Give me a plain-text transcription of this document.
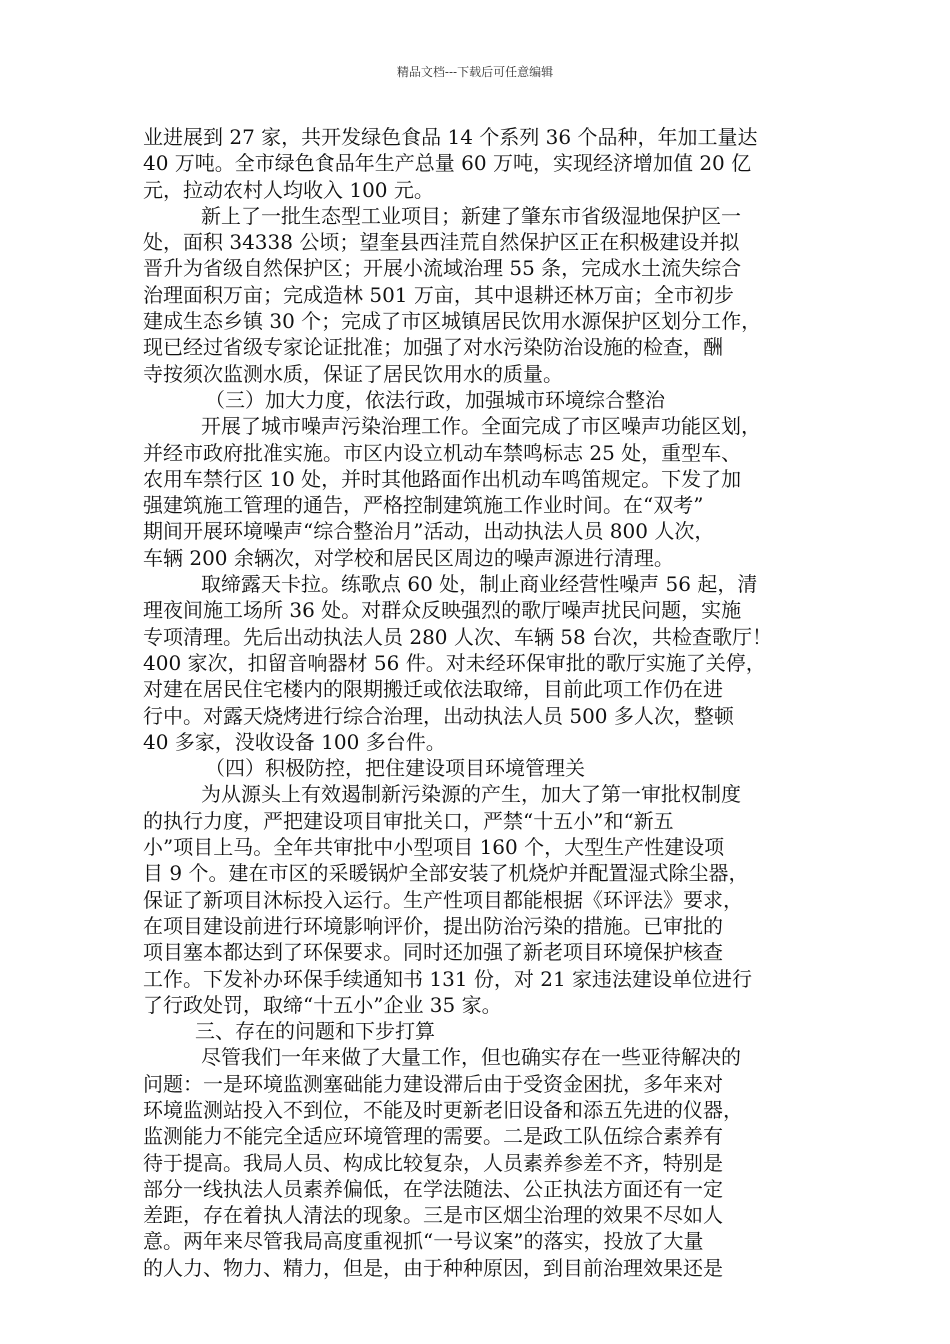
精品文档---下载后可任意编辑
业进展到 27 家，共开发绿色食品 14 个系列 36 个品种，年加工量达
40 万吨。全市绿色食品年生产总量 60 万吨，实现经济增加值 20 亿
元，拉动农村人均收入 100 元。
新上了一批生态型工业项目；新建了肇东市省级湿地保护区一
处，面积 34338 公顷；望奎县西洼荒自然保护区正在积极建设并拟
晋升为省级自然保护区；开展小流域治理 55 条，完成水土流失综合
治理面积万亩；完成造林 501 万亩，其中退耕还林万亩；全市初步
建成生态乡镇 30 个；完成了市区城镇居民饮用水源保护区划分工作，
现已经过省级专家论证批准；加强了对水污染防治设施的检查，酬
寺按须次监测水质，保证了居民饮用水的质量。
（三）加大力度，依法行政，加强城市环境综合整治
开展了城市噪声污染治理工作。全面完成了市区噪声功能区划，
并经市政府批准实施。市区内设立机动车禁鸣标志 25 处，重型车、
农用车禁行区 10 处，并时其他路面作出机动车鸣笛规定。下发了加
强建筑施工管理的通告，严格控制建筑施工作业时间。在“双考”
期间开展环境噪声“综合整治月”活动，出动执法人员 800 人次，
车辆 200 余辆次，对学校和居民区周边的噪声源进行清理。
取缔露天卡拉。练歌点 60 处，制止商业经营性噪声 56 起，清
理夜间施工场所 36 处。对群众反映强烈的歌厅噪声扰民问题，实施
专项清理。先后出动执法人员 280 人次、车辆 58 台次，共检查歌厅！
400 家次，扣留音响器材 56 件。对未经环保审批的歌厅实施了关停，
对建在居民住宅楼内的限期搬迁或依法取缔，目前此项工作仍在进
行中。对露天烧烤进行综合治理，出动执法人员 500 多人次，整顿
40 多家，没收设备 100 多台件。
（四）积极防控，把住建设项目环境管理关
为从源头上有效遏制新污染源的产生，加大了第一审批权制度
的执行力度，严把建设项目审批关口，严禁“十五小”和“新五
小”项目上马。全年共审批中小型项目 160 个，大型生产性建设项
目 9 个。建在市区的采暖锅炉全部安装了机烧炉并配置湿式除尘器，
保证了新项目沐标投入运行。生产性项目都能根据《环评法》要求，
在项目建设前进行环境影响评价，提出防治污染的措施。已审批的
项目塞本都达到了环保要求。同时还加强了新老项目环境保护核查
工作。下发补办环保手续通知书 131 份，对 21 家违法建设单位进行
了行政处罚，取缔“十五小”企业 35 家。
三、存在的问题和下步打算
尽管我们一年来做了大量工作，但也确实存在一些亚待解决的
问题：一是环境监测塞础能力建设滞后由于受资金困扰，多年来对
环境监测站投入不到位，不能及时更新老旧设备和添五先进的仪器，
监测能力不能完全适应环境管理的需要。二是政工队伍综合素养有
待于提高。我局人员、构成比较复杂，人员素养参差不齐，特别是
部分一线执法人员素养偏低，在学法随法、公正执法方面还有一定
差距，存在着执人清法的现象。三是市区烟尘治理的效果不尽如人
意。两年来尽管我局高度重视抓“一号议案”的落实，投放了大量
的人力、物力、精力，但是，由于种种原因，到目前治理效果还是
